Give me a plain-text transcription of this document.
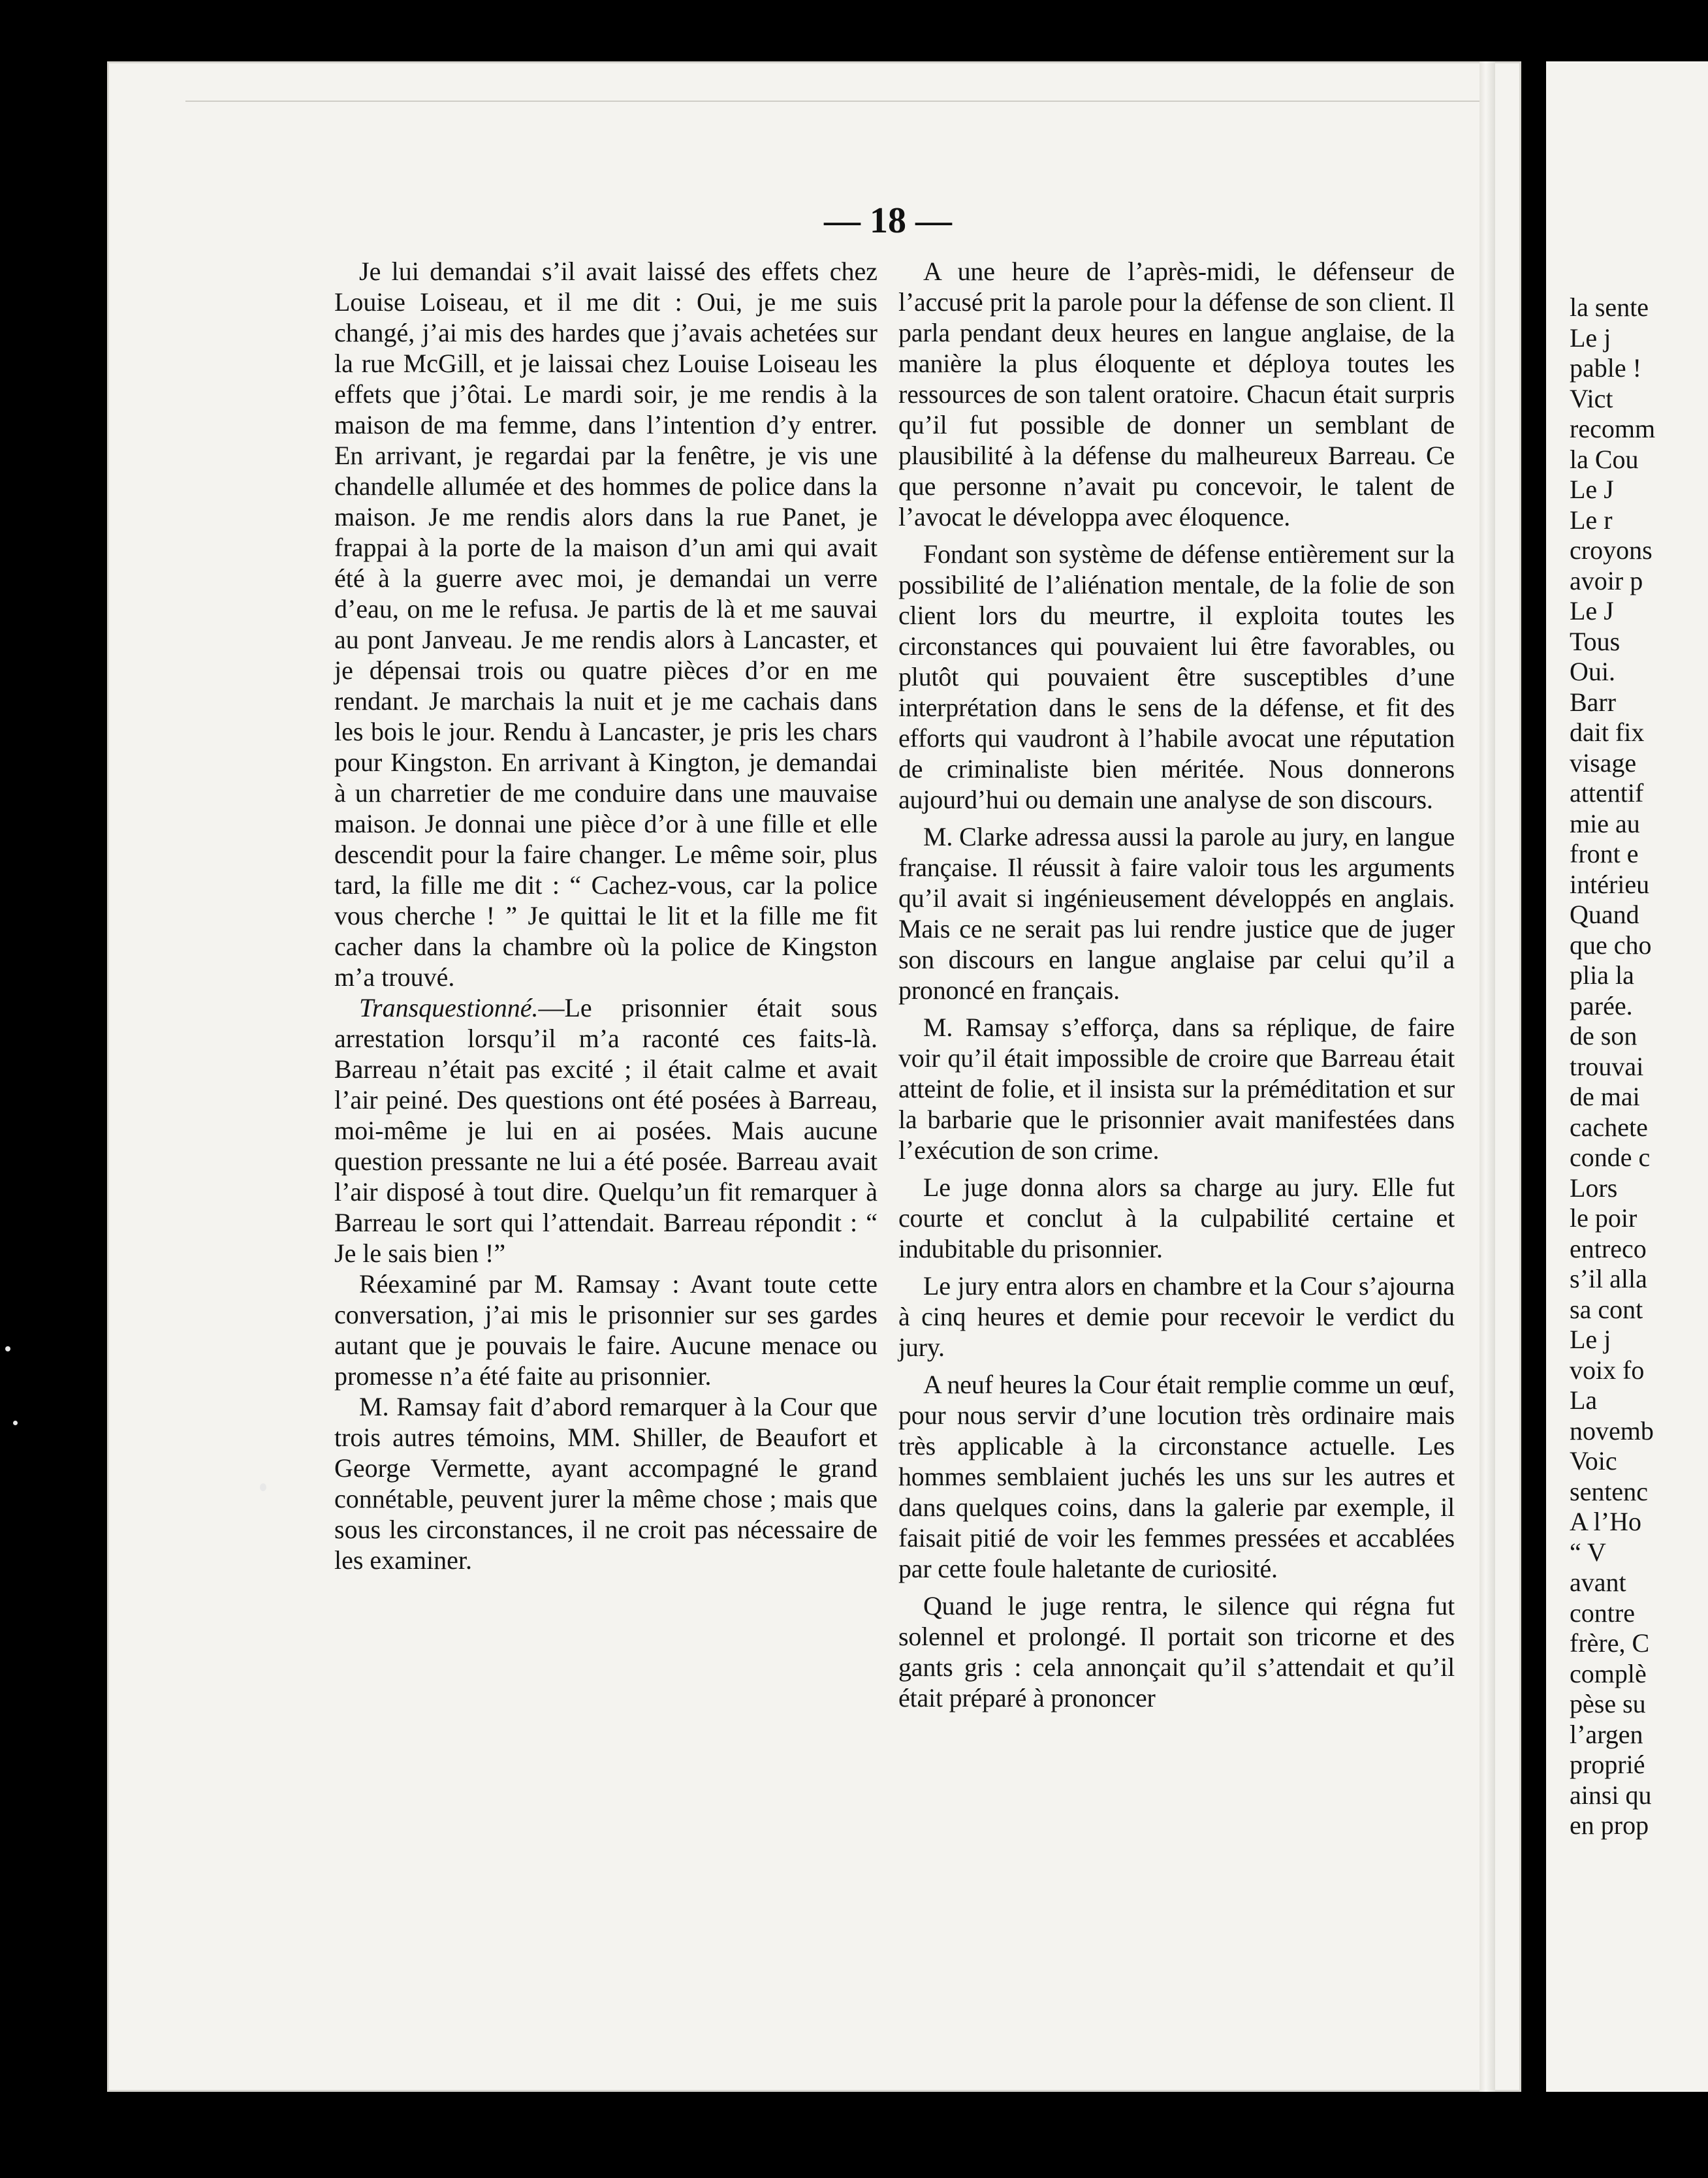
— 18 —

Je lui demandai s’il avait laissé des effets chez Louise Loiseau, et il me dit : Oui, je me suis changé, j’ai mis des hardes que j’avais achetées sur la rue McGill, et je laissai chez Louise Loiseau les effets que j’ôtai. Le mardi soir, je me rendis à la maison de ma femme, dans l’intention d’y entrer. En arrivant, je regardai par la fenêtre, je vis une chandelle allumée et des hommes de police dans la maison. Je me rendis alors dans la rue Panet, je frappai à la porte de la maison d’un ami qui avait été à la guerre avec moi, je demandai un verre d’eau, on me le refusa. Je partis de là et me sauvai au pont Janveau. Je me rendis alors à Lancaster, et je dépensai trois ou quatre pièces d’or en me rendant. Je marchais la nuit et je me cachais dans les bois le jour. Rendu à Lancaster, je pris les chars pour Kingston. En arrivant à Kington, je demandai à un charretier de me conduire dans une mauvaise maison. Je donnai une pièce d’or à une fille et elle descendit pour la faire changer. Le même soir, plus tard, la fille me dit : “ Cachez-vous, car la police vous cherche ! ” Je quittai le lit et la fille me fit cacher dans la chambre où la police de Kingston m’a trouvé.

Transquestionné.—Le prisonnier était sous arrestation lorsqu’il m’a raconté ces faits-là. Barreau n’était pas excité ; il était calme et avait l’air peiné. Des questions ont été posées à Barreau, moi-même je lui en ai posées. Mais aucune question pressante ne lui a été posée. Barreau avait l’air disposé à tout dire. Quelqu’un fit remarquer à Barreau le sort qui l’attendait. Barreau répondit : “ Je le sais bien !”

Réexaminé par M. Ramsay : Avant toute cette conversation, j’ai mis le prisonnier sur ses gardes autant que je pouvais le faire. Aucune menace ou promesse n’a été faite au prisonnier.

M. Ramsay fait d’abord remarquer à la Cour que trois autres témoins, MM. Shiller, de Beaufort et George Vermette, ayant accompagné le grand connétable, peuvent jurer la même chose ; mais que sous les circonstances, il ne croit pas nécessaire de les examiner.

A une heure de l’après-midi, le défenseur de l’accusé prit la parole pour la défense de son client. Il parla pendant deux heures en langue anglaise, de la manière la plus éloquente et déploya toutes les ressources de son talent oratoire. Chacun était surpris qu’il fut possible de donner un semblant de plausibilité à la défense du malheureux Barreau. Ce que personne n’avait pu concevoir, le talent de l’avocat le développa avec éloquence.

Fondant son système de défense entièrement sur la possibilité de l’aliénation mentale, de la folie de son client lors du meurtre, il exploita toutes les circonstances qui pouvaient lui être favorables, ou plutôt qui pouvaient être susceptibles d’une interprétation dans le sens de la défense, et fit des efforts qui vaudront à l’habile avocat une réputation de criminaliste bien méritée. Nous donnerons aujourd’hui ou demain une analyse de son discours.

M. Clarke adressa aussi la parole au jury, en langue française. Il réussit à faire valoir tous les arguments qu’il avait si ingénieusement développés en anglais. Mais ce ne serait pas lui rendre justice que de juger son discours en langue anglaise par celui qu’il a prononcé en français.

M. Ramsay s’efforça, dans sa réplique, de faire voir qu’il était impossible de croire que Barreau était atteint de folie, et il insista sur la préméditation et sur la barbarie que le prisonnier avait manifestées dans l’exécution de son crime.

Le juge donna alors sa charge au jury. Elle fut courte et conclut à la culpabilité certaine et indubitable du prisonnier.

Le jury entra alors en chambre et la Cour s’ajourna à cinq heures et demie pour recevoir le verdict du jury.

A neuf heures la Cour était remplie comme un œuf, pour nous servir d’une locution très ordinaire mais très applicable à la circonstance actuelle. Les hommes semblaient juchés les uns sur les autres et dans quelques coins, dans la galerie par exemple, il faisait pitié de voir les femmes pressées et accablées par cette foule haletante de curiosité.

Quand le juge rentra, le silence qui régna fut solennel et prolongé. Il portait son tricorne et des gants gris : cela annonçait qu’il s’attendait et qu’il était préparé à prononcer

la sente
Le j
pable !
Vict
recomm
la Cou
Le J
Le r
croyons
avoir p
Le J
Tous
Oui.
Barr
dait fix
visage
attentif
mie au
front e
intérieu
Quand
que cho
plia la
parée.
de son
trouvai
de mai
cachete
conde c
Lors
le poir
entreco
s’il alla
sa cont
Le j
voix fo
La
novemb
Voic
sentenc
A l’Ho
“ V
avant
contre
frère, C
complè
pèse su
l’argen
proprié
ainsi qu
en prop
